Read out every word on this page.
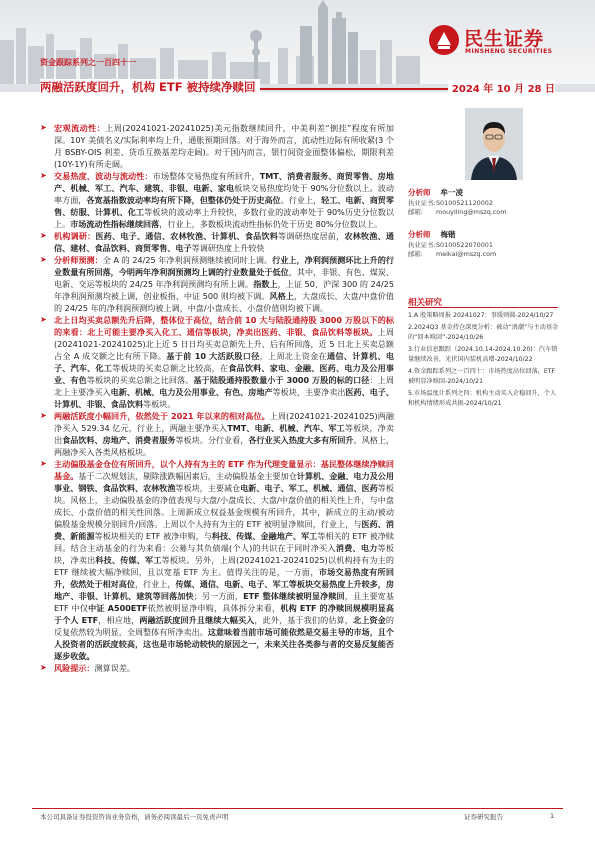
民生证券
MINSHENG SECURITIES
资金跟踪系列之一百四十一
两融活跃度回升，机构 ETF 被持续净赎回	2024 年 10 月 28 日
➤ 宏观流动性：上周(20241021-20241025)美元指数继续回升，中美利差“倒挂”程度有所加深。10Y 美债名义/实际利率均上升，通胀预期回落。对于海外而言，流动性边际有所收紧(3 个月 BSBY-OIS 利差、货币互换基差均走阔)。对于国内而言，银行间资金面整体偏松，期限利差(10Y-1Y)有所走阔。
➤ 交易热度、波动与流动性：市场整体交易热度有所回升，TMT、消费者服务、商贸零售、房地产、机械、军工、汽车、建筑、非银、电新、家电板块交易热度均处于 90%分位数以上。波动率方面，各宽基指数波动率均有所下降，但整体仍处于历史高位。行业上，轻工、电新、商贸零售、纺服、计算机、化工等板块的波动率上升较快，多数行业的波动率处于 90%历史分位数以上。市场流动性指标继续回落，行业上，多数板块流动性指标仍处于历史 80%分位数以上。
➤ 机构调研：医药、电子、通信、农林牧渔、计算机、食品饮料等调研热度居前，农林牧渔、通信、建材、食品饮料、商贸零售、电子等调研热度上升较快
➤ 分析师预测：全 A 的 24/25 年净利润预测继续被同时上调。行业上，净利润预测环比上升的行业数量有所回落，今明两年净利润预测均上调的行业数量处于低位，其中，非银、有色、煤炭、电新、交运等板块的 24/25 年净利润预测均有所上调。指数上，上证 50、沪深 300 的 24/25 年净利润预测均被上调，创业板指、中证 500 则均被下调。风格上，大盘成长、大盘/中盘价值的 24/25 年的净利润预测均被上调，中盘/小盘成长、小盘价值则均被下调。
➤ 北上日均买卖总额先升后降，整体位于高位，结合前 10 大与陆股通持股 3000 万股以下的标的来看：北上可能主要净买入化工、通信等板块，净卖出医药、非银、食品饮料等板块。上周(20241021-20241025)北上近 5 日日均买卖总额先上升、后有所回落，近 5 日北上买卖总额占全 A 成交额之比有所下降。基于前 10 大活跃股口径，上周北上资金在通信、计算机、电子、汽车、化工等板块的买卖总额之比较高，在食品饮料、家电、金融、医药、电力及公用事业、有色等板块的买卖总额之比回落。基于陆股通持股数量小于 3000 万股的标的口径：上周北上主要净买入电新、机械、电力及公用事业、有色、房地产等板块，主要净卖出医药、电子、计算机、非银、食品饮料等板块。
➤ 两融活跃度小幅回升，依然处于 2021 年以来的相对高位。上周(20241021-20241025)两融净买入 529.34 亿元，行业上，两融主要净买入TMT、电新、机械、汽车、军工等板块，净卖出食品饮料、房地产、消费者服务等板块。分行业看，各行业买入热度大多有所回升。风格上，两融净买入各类风格板块。
➤ 主动偏股基金仓位有所回升，以个人持有为主的 ETF 作为代理变量显示：基民整体继续净赎回基金。基于二次规划法，剔除涨跌幅因素后，主动偏股基金主要加仓计算机、金融、电力及公用事业、钢铁、食品饮料、农林牧渔等板块，主要减仓电新、电子、军工、机械、通信、医药等板块。风格上，主动偏股基金的净值表现与大盘/小盘成长、大盘/中盘价值的相关性上升，与中盘成长、小盘价值的相关性回落。上周新成立权益基金规模有所回升，其中，新成立的主动/被动偏股基金规模分别回升/回落。上周以个人持有为主的 ETF 被明显净赎回，行业上，与医药、消费、新能源等板块相关的 ETF 被净申购，与科技、传媒、金融地产、军工等相关的 ETF 被净赎回。结合主动基金的行为来看：公募与其负债端(个人)的共识在于同时净买入消费、电力等板块，净卖出科技、传媒、军工等板块。另外，上周(20241021-20241025)以机构持有为主的 ETF 继续被大幅净赎回，且以宽基 ETF 为主。值得关注的是，一方面，市场交易热度有所回升，依然处于相对高位，行业上，传媒、通信、电新、电子、军工等板块交易热度上升较多，房地产、非银、计算机、建筑等回落加快；另一方面，ETF 整体继续被明显净赎回，且主要宽基 ETF 中仅中证 A500ETF依然被明显净申购，具体拆分来看，机构 ETF 的净赎回规模明显高于个人 ETF，相应地，两融活跃度回升且继续大幅买入，此外，基于我们的估算，北上资金的反复依然较为明显，全周整体有所净卖出。这意味着当前市场可能依然是交易主导的市场，且个人投资者的活跃度较高，这也是市场轮动较快的原因之一，未来关注各类参与者的交易反复能否逐步收敛。
➤ 风险提示：测算误差。
分析师 牟一凌
执业证书:S0100521120002
邮箱: mouyiling@mszq.com
分析师 梅锴
执业证书:S0100522070001
邮箱: meikai@mszq.com
相关研究
1.A 股策略周报 20241027：事缓则圆-2024/10/27
2.2024Q3 基金持仓深度分析：被动“浪潮”与主动基金的“回本赎回”-2024/10/26
3.行业信息跟踪（2024.10.14-2024.10.20)：汽车销量继续改善，光伏国内装机高增-2024/10/22
4.资金跟踪系列之一百四十：市场热度高位回落，ETF 被明显净赎回-2024/10/21
5.市场温度计系列之四：机构主动买入企稳回升，个人和机构情绪形成共振-2024/10/21
本公司具备证券投资咨询业务资格，请务必阅读最后一页免责声明	证券研究报告	1
